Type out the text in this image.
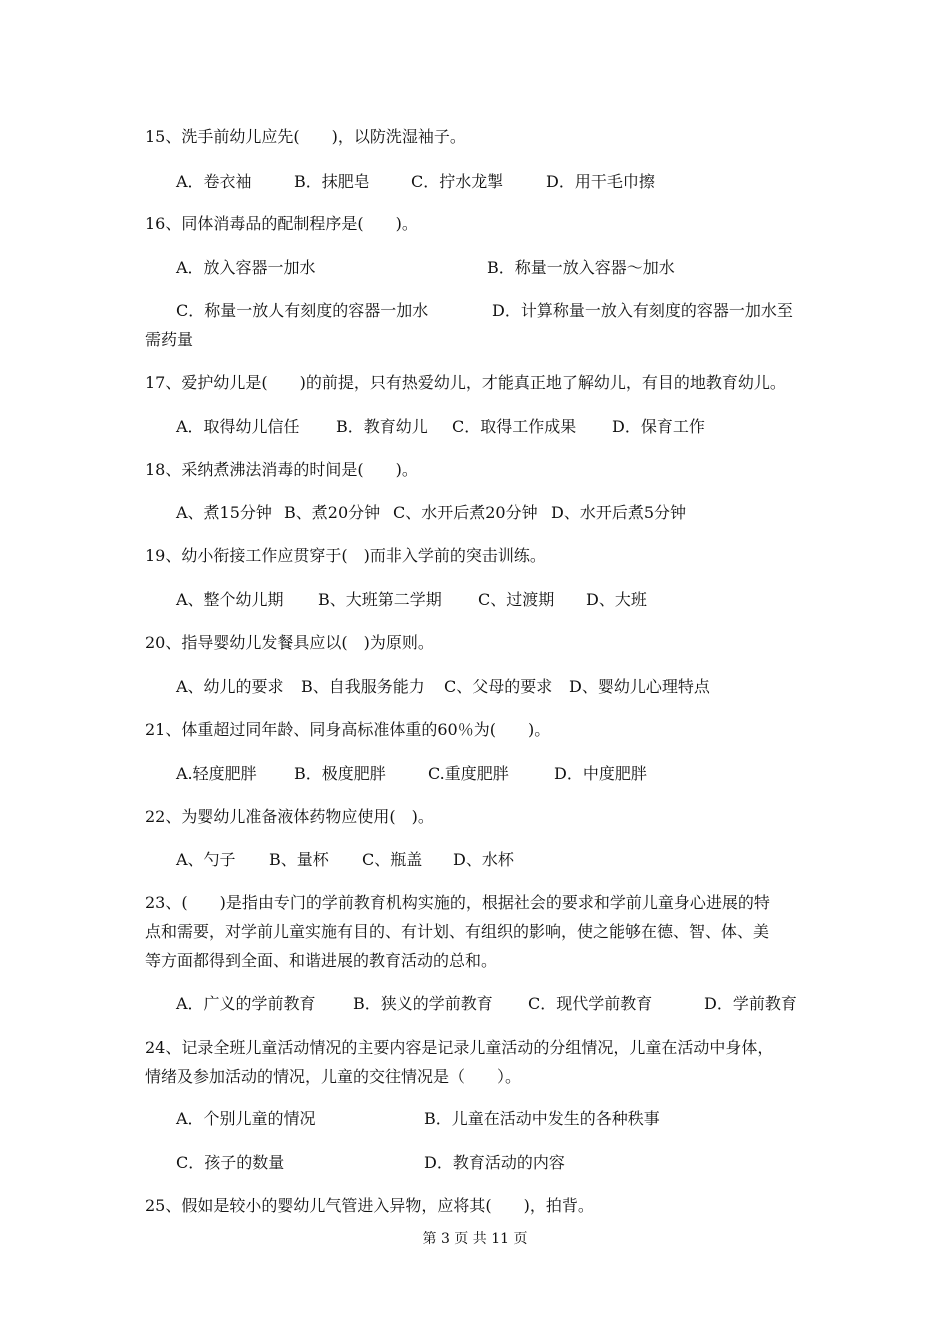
15、洗手前幼儿应先(　　)，以防洗湿袖子。
A．卷衣袖	B．抹肥皂	C．拧水龙掣	D．用干毛巾擦
16、同体消毒品的配制程序是(　　)。
A．放入容器一加水	B．称量一放入容器～加水
C．称量一放人有刻度的容器一加水	D．计算称量一放入有刻度的容器一加水至
需药量
17、爱护幼儿是(　　)的前提，只有热爱幼儿，才能真正地了解幼儿，有目的地教育幼儿。
A．取得幼儿信任 B．教育幼儿 C．取得工作成果 D．保育工作
18、采纳煮沸法消毒的时间是(　　)。
A、煮15分钟 B、煮20分钟 C、水开后煮20分钟 D、水开后煮5分钟
19、幼小衔接工作应贯穿于(　)而非入学前的突击训练。
A、整个幼儿期 B、大班第二学期 C、过渡期 D、大班
20、指导婴幼儿发餐具应以(　)为原则。
A、幼儿的要求 B、自我服务能力 C、父母的要求 D、婴幼儿心理特点
21、体重超过同年龄、同身高标准体重的60％为(　　)。
A.轻度肥胖 B．极度肥胖	C.重度肥胖	D．中度肥胖
22、为婴幼儿准备液体药物应使用(　)。
A、勺子 B、量杯 C、瓶盖 D、水杯
23、(　　)是指由专门的学前教育机构实施的，根据社会的要求和学前儿童身心进展的特
点和需要，对学前儿童实施有目的、有计划、有组织的影响，使之能够在德、智、体、美
等方面都得到全面、和谐进展的教育活动的总和。
A．广义的学前教育 B．狭义的学前教育 C．现代学前教育	D．学前教育
24、记录全班儿童活动情况的主要内容是记录儿童活动的分组情况，儿童在活动中身体，
情绪及参加活动的情况，儿童的交往情况是（　　）。
A．个别儿童的情况	B．儿童在活动中发生的各种秩事
C．孩子的数量	D．教育活动的内容
25、假如是较小的婴幼儿气管进入异物，应将其(　　)，拍背。
第 3 页 共 11 页
